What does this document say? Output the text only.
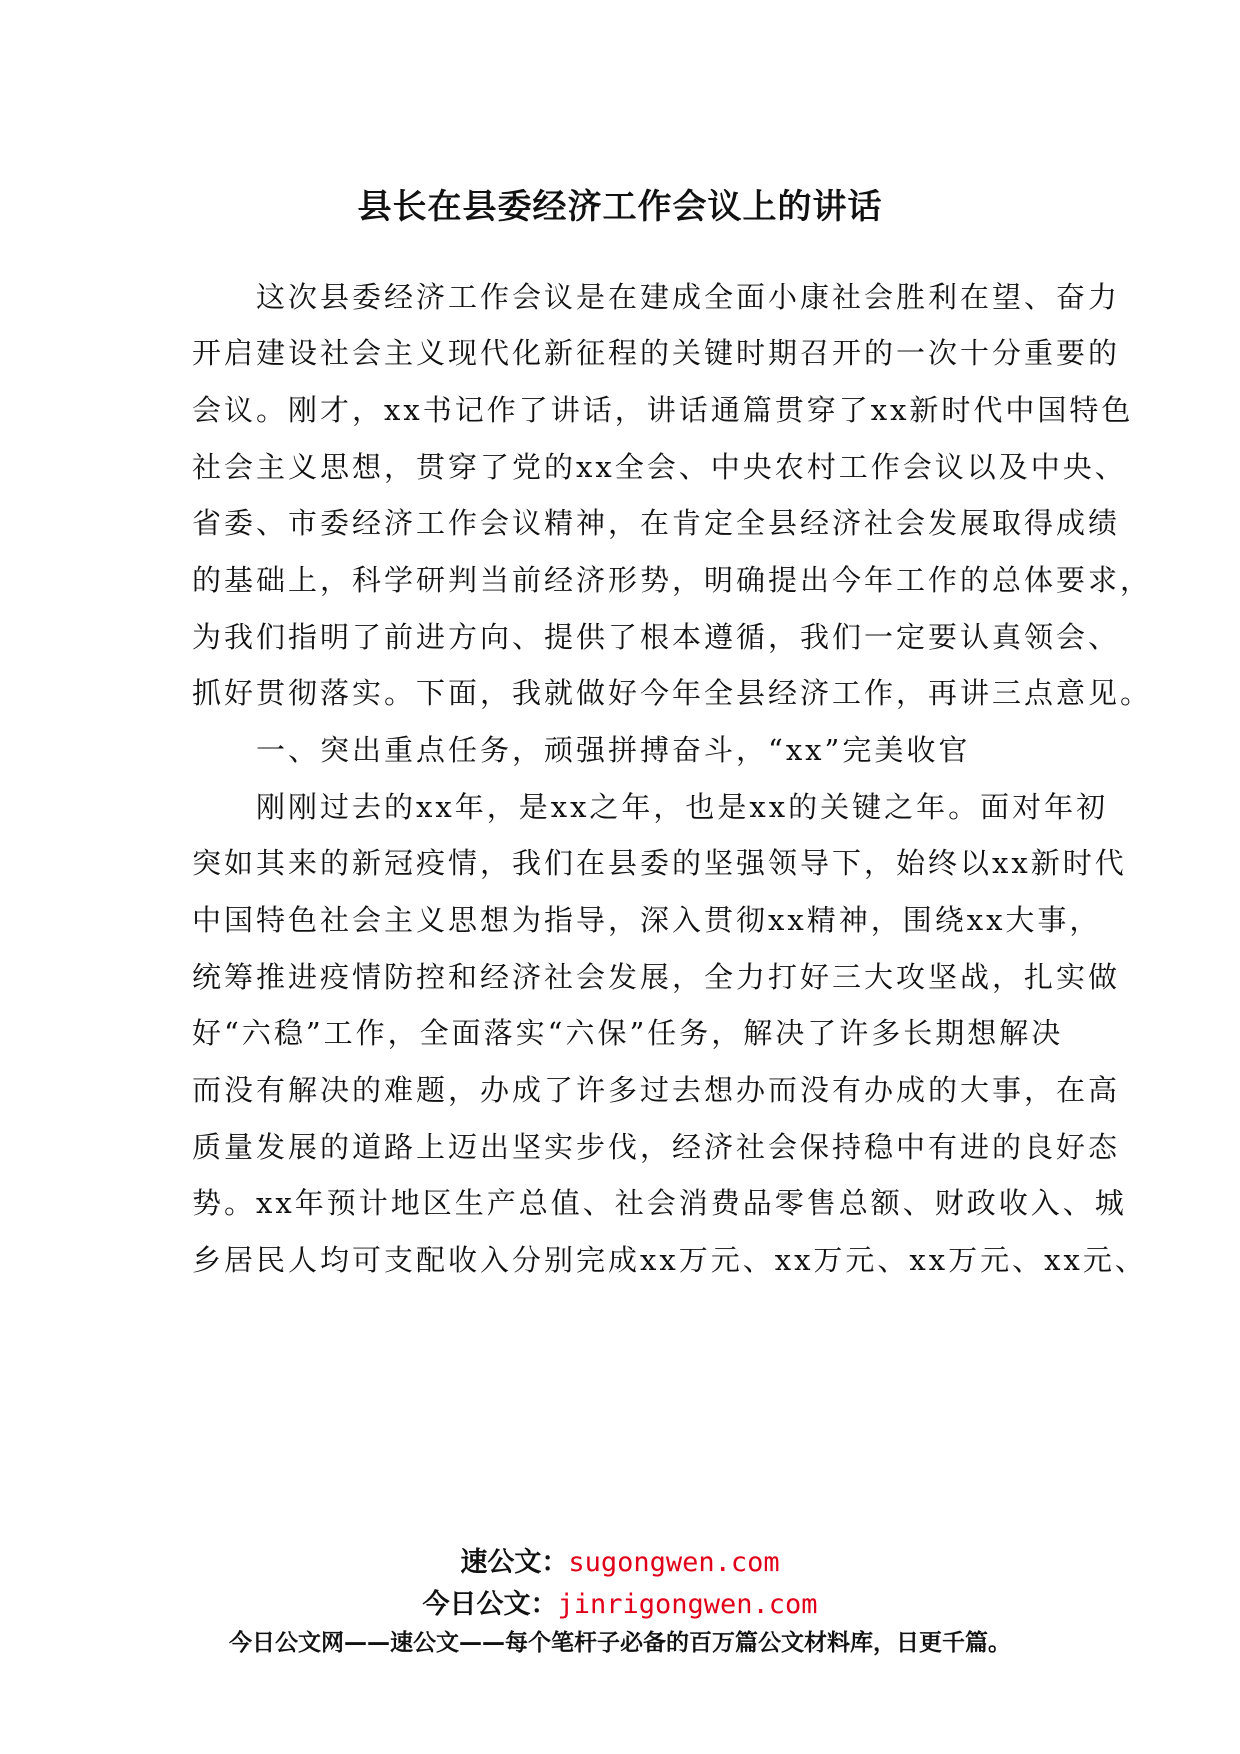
县长在县委经济工作会议上的讲话
这次县委经济工作会议是在建成全面小康社会胜利在望、奋力
开启建设社会主义现代化新征程的关键时期召开的一次十分重要的
会议。刚才，xx书记作了讲话，讲话通篇贯穿了xx新时代中国特色
社会主义思想，贯穿了党的xx全会、中央农村工作会议以及中央、
省委、市委经济工作会议精神，在肯定全县经济社会发展取得成绩
的基础上，科学研判当前经济形势，明确提出今年工作的总体要求，
为我们指明了前进方向、提供了根本遵循，我们一定要认真领会、
抓好贯彻落实。下面，我就做好今年全县经济工作，再讲三点意见。
一、突出重点任务，顽强拼搏奋斗，“xx”完美收官
刚刚过去的xx年，是xx之年，也是xx的关键之年。面对年初
突如其来的新冠疫情，我们在县委的坚强领导下，始终以xx新时代
中国特色社会主义思想为指导，深入贯彻xx精神，围绕xx大事，
统筹推进疫情防控和经济社会发展，全力打好三大攻坚战，扎实做
好“六稳”工作，全面落实“六保”任务，解决了许多长期想解决
而没有解决的难题，办成了许多过去想办而没有办成的大事，在高
质量发展的道路上迈出坚实步伐，经济社会保持稳中有进的良好态
势。xx年预计地区生产总值、社会消费品零售总额、财政收入、城
乡居民人均可支配收入分别完成xx万元、xx万元、xx万元、xx元、
速公文：sugongwen.com
今日公文：jinrigongwen.com
今日公文网——速公文——每个笔杆子必备的百万篇公文材料库，日更千篇。
